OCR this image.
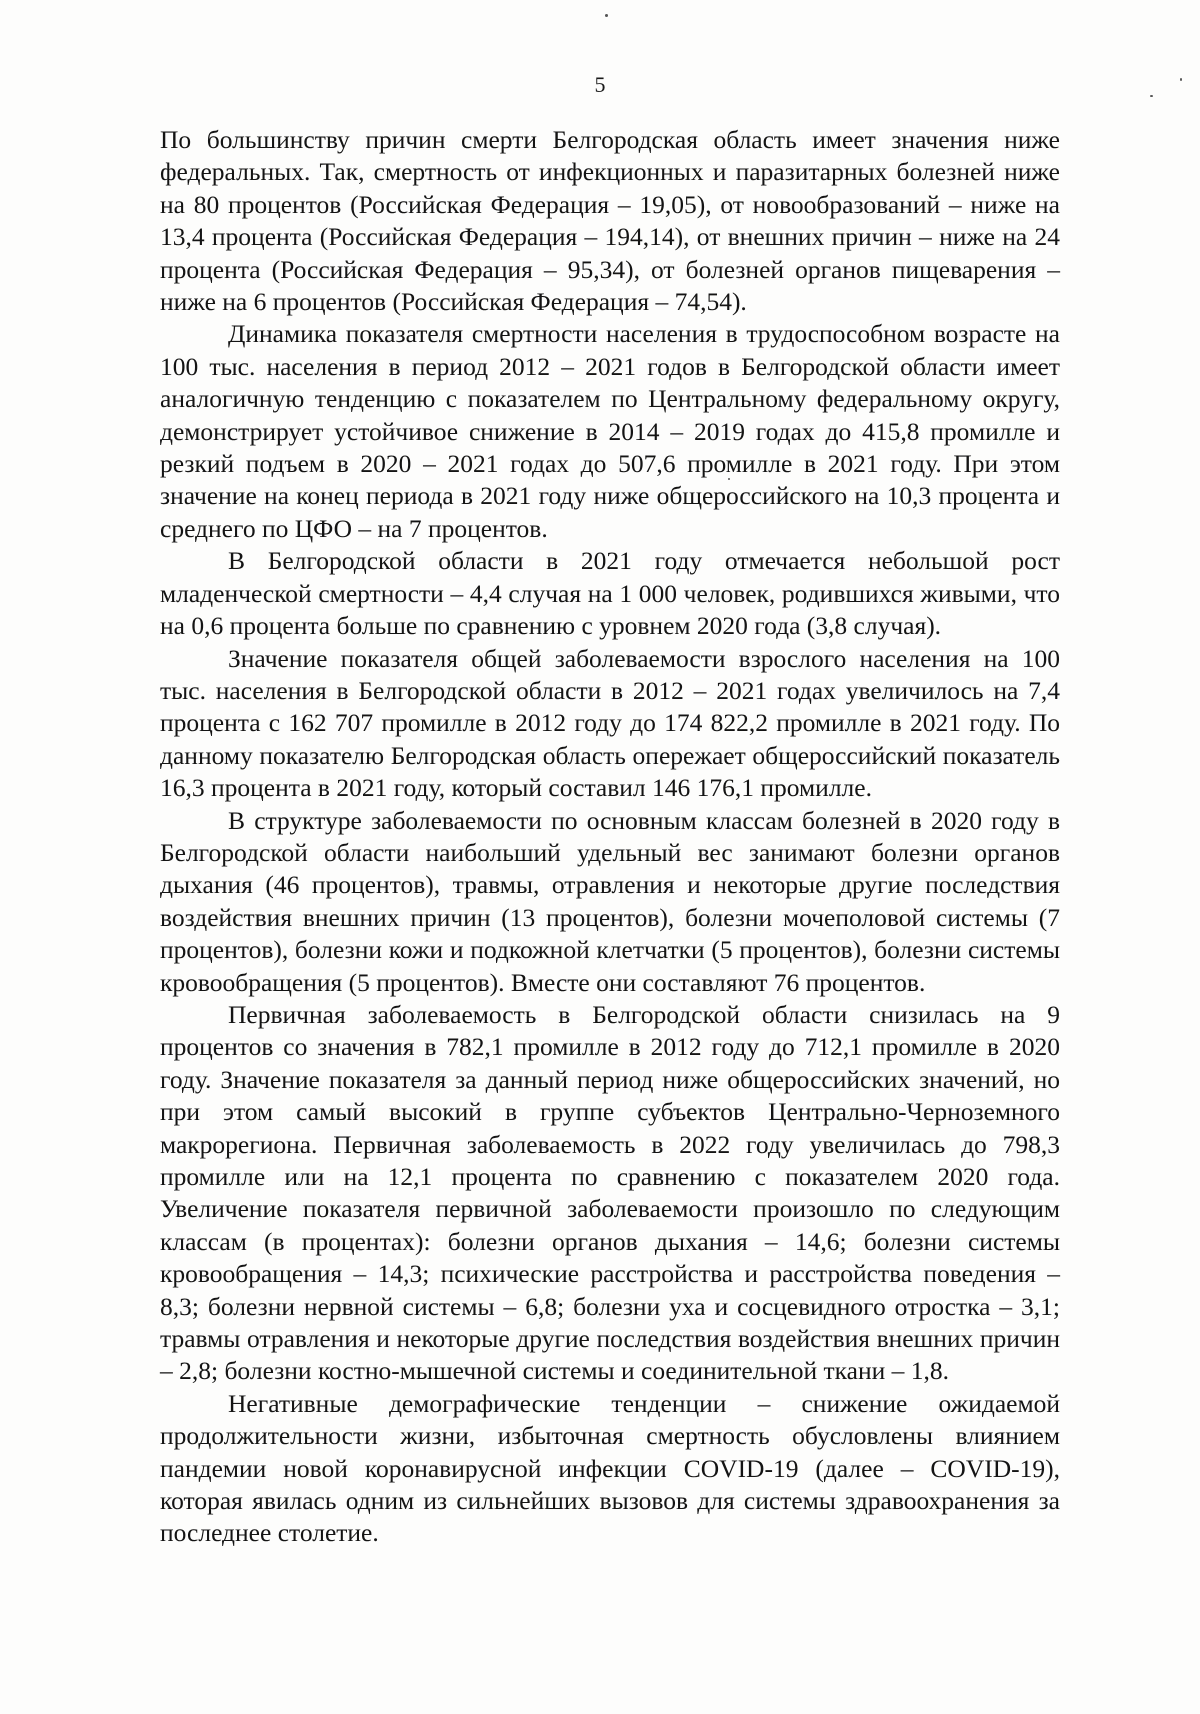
5

По большинству причин смерти Белгородская область имеет значения ниже федеральных. Так, смертность от инфекционных и паразитарных болезней ниже на 80 процентов (Российская Федерация – 19,05), от новообразований – ниже на 13,4 процента (Российская Федерация – 194,14), от внешних причин – ниже на 24 процента (Российская Федерация – 95,34), от болезней органов пищеварения – ниже на 6 процентов (Российская Федерация – 74,54).

Динамика показателя смертности населения в трудоспособном возрасте на 100 тыс. населения в период 2012 – 2021 годов в Белгородской области имеет аналогичную тенденцию с показателем по Центральному федеральному округу, демонстрирует устойчивое снижение в 2014 – 2019 годах до 415,8 промилле и резкий подъем в 2020 – 2021 годах до 507,6 промилле в 2021 году. При этом значение на конец периода в 2021 году ниже общероссийского на 10,3 процента и среднего по ЦФО – на 7 процентов.

В Белгородской области в 2021 году отмечается небольшой рост младенческой смертности – 4,4 случая на 1 000 человек, родившихся живыми, что на 0,6 процента больше по сравнению с уровнем 2020 года (3,8 случая).

Значение показателя общей заболеваемости взрослого населения на 100 тыс. населения в Белгородской области в 2012 – 2021 годах увеличилось на 7,4 процента с 162 707 промилле в 2012 году до 174 822,2 промилле в 2021 году. По данному показателю Белгородская область опережает общероссийский показатель 16,3 процента в 2021 году, который составил 146 176,1 промилле.

В структуре заболеваемости по основным классам болезней в 2020 году в Белгородской области наибольший удельный вес занимают болезни органов дыхания (46 процентов), травмы, отравления и некоторые другие последствия воздействия внешних причин (13 процентов), болезни мочеполовой системы (7 процентов), болезни кожи и подкожной клетчатки (5 процентов), болезни системы кровообращения (5 процентов). Вместе они составляют 76 процентов.

Первичная заболеваемость в Белгородской области снизилась на 9 процентов со значения в 782,1 промилле в 2012 году до 712,1 промилле в 2020 году. Значение показателя за данный период ниже общероссийских значений, но при этом самый высокий в группе субъектов Центрально-Черноземного макрорегиона. Первичная заболеваемость в 2022 году увеличилась до 798,3 промилле или на 12,1 процента по сравнению с показателем 2020 года. Увеличение показателя первичной заболеваемости произошло по следующим классам (в процентах): болезни органов дыхания – 14,6; болезни системы кровообращения – 14,3; психические расстройства и расстройства поведения – 8,3; болезни нервной системы – 6,8; болезни уха и сосцевидного отростка – 3,1; травмы отравления и некоторые другие последствия воздействия внешних причин – 2,8; болезни костно-мышечной системы и соединительной ткани – 1,8.

Негативные демографические тенденции – снижение ожидаемой продолжительности жизни, избыточная смертность обусловлены влиянием пандемии новой коронавирусной инфекции COVID-19 (далее – COVID-19), которая явилась одним из сильнейших вызовов для системы здравоохранения за последнее столетие.
